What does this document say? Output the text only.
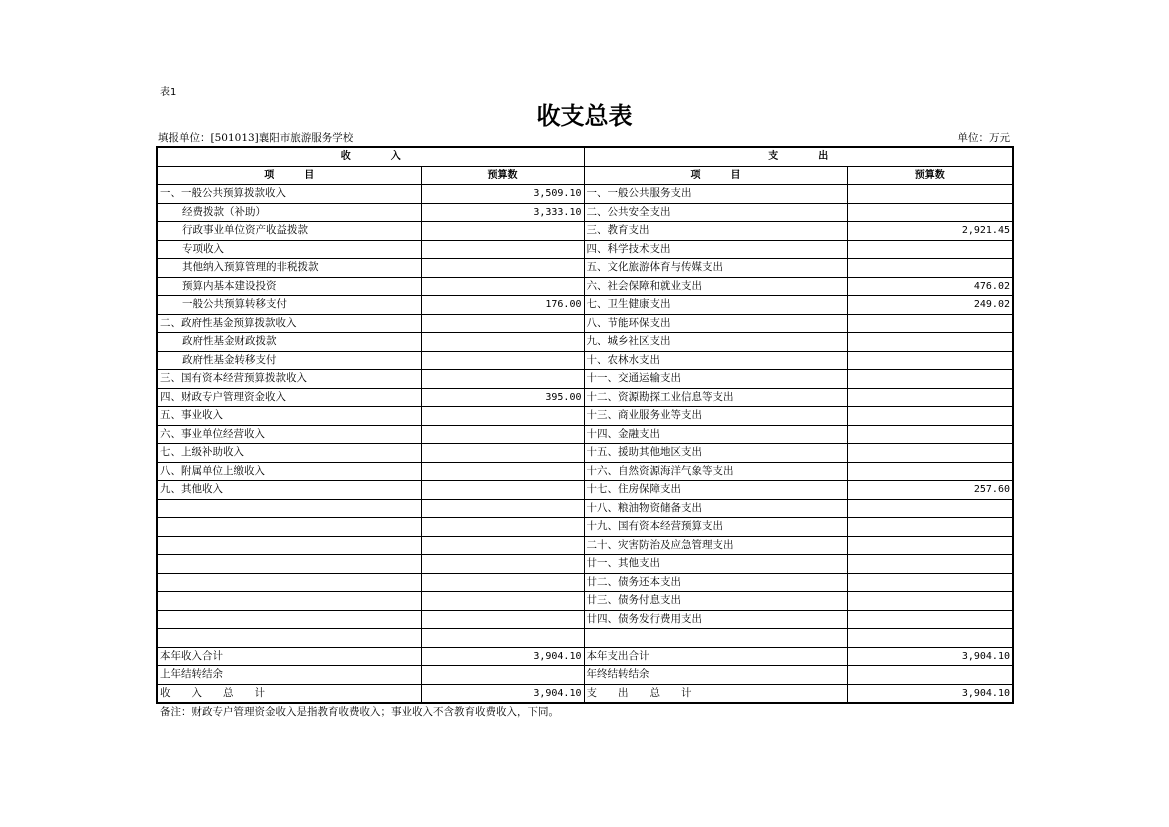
表1
收支总表
填报单位：[501013]襄阳市旅游服务学校	单位：万元
收　　　　入		支　　　　出	
项　　　目	预算数	项　　　目	预算数
一、一般公共预算拨款收入	3,509.10	一、一般公共服务支出	
经费拨款（补助）	3,333.10	二、公共安全支出	
行政事业单位资产收益拨款		三、教育支出	2,921.45
专项收入		四、科学技术支出	
其他纳入预算管理的非税拨款		五、文化旅游体育与传媒支出	
预算内基本建设投资		六、社会保障和就业支出	476.02
一般公共预算转移支付	176.00	七、卫生健康支出	249.02
二、政府性基金预算拨款收入		八、节能环保支出	
政府性基金财政拨款		九、城乡社区支出	
政府性基金转移支付		十、农林水支出	
三、国有资本经营预算拨款收入		十一、交通运输支出	
四、财政专户管理资金收入	395.00	十二、资源勘探工业信息等支出	
五、事业收入		十三、商业服务业等支出	
六、事业单位经营收入		十四、金融支出	
七、上级补助收入		十五、援助其他地区支出	
八、附属单位上缴收入		十六、自然资源海洋气象等支出	
九、其他收入		十七、住房保障支出	257.60
		十八、粮油物资储备支出	
		十九、国有资本经营预算支出	
		二十、灾害防治及应急管理支出	
		廿一、其他支出	
		廿二、债务还本支出	
		廿三、债务付息支出	
		廿四、债务发行费用支出	

本年收入合计	3,904.10	本年支出合计	3,904.10
上年结转结余		年终结转结余	
收　　入　　总　　计	3,904.10	支　　出　　总　　计	3,904.10
备注：财政专户管理资金收入是指教育收费收入；事业收入不含教育收费收入，下同。
